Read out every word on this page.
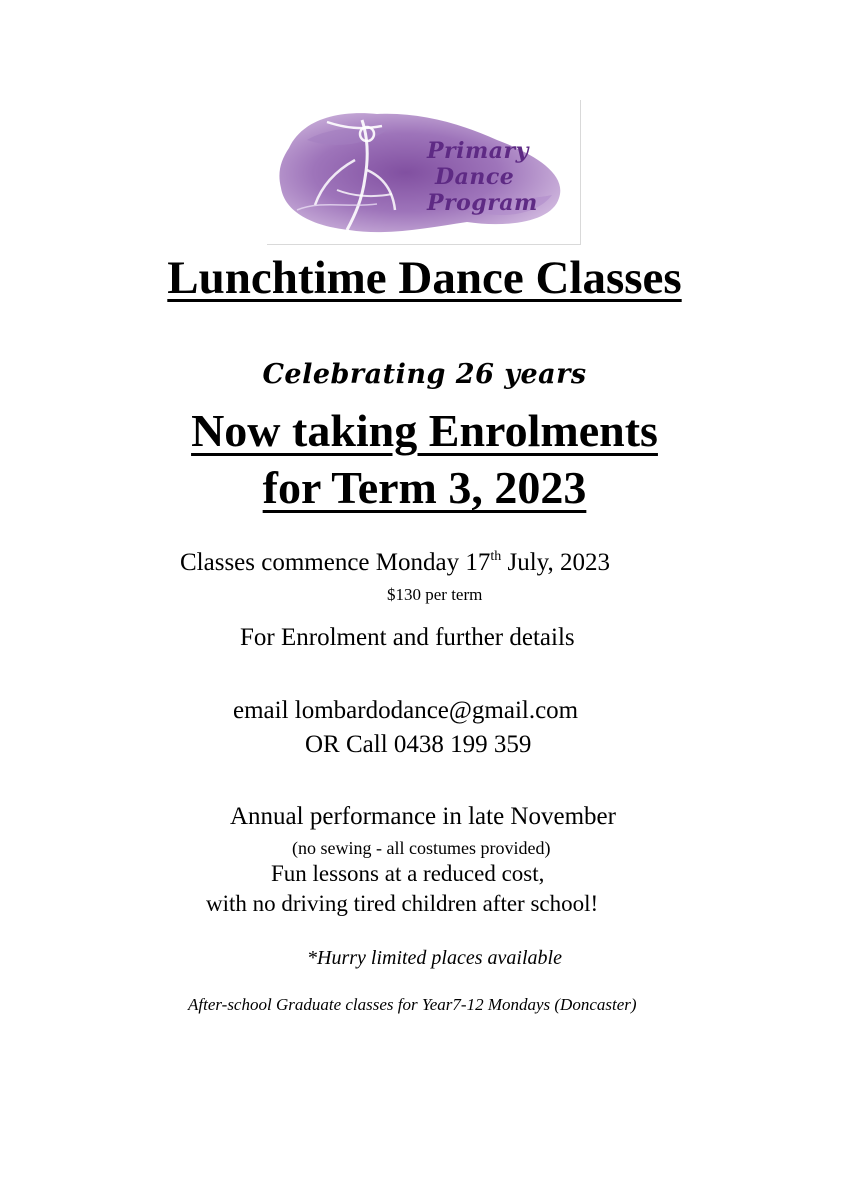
Primary
Dance
Program
Lunchtime Dance Classes
Celebrating 26 years
Now taking Enrolments
for Term 3, 2023
Classes commence Monday 17th July, 2023
$130 per term
For Enrolment and further details
email lombardodance@gmail.com
OR Call 0438 199 359
Annual performance in late November
(no sewing - all costumes provided)
Fun lessons at a reduced cost,
with no driving tired children after school!
*Hurry limited places available
After-school Graduate classes for Year7-12 Mondays (Doncaster)
